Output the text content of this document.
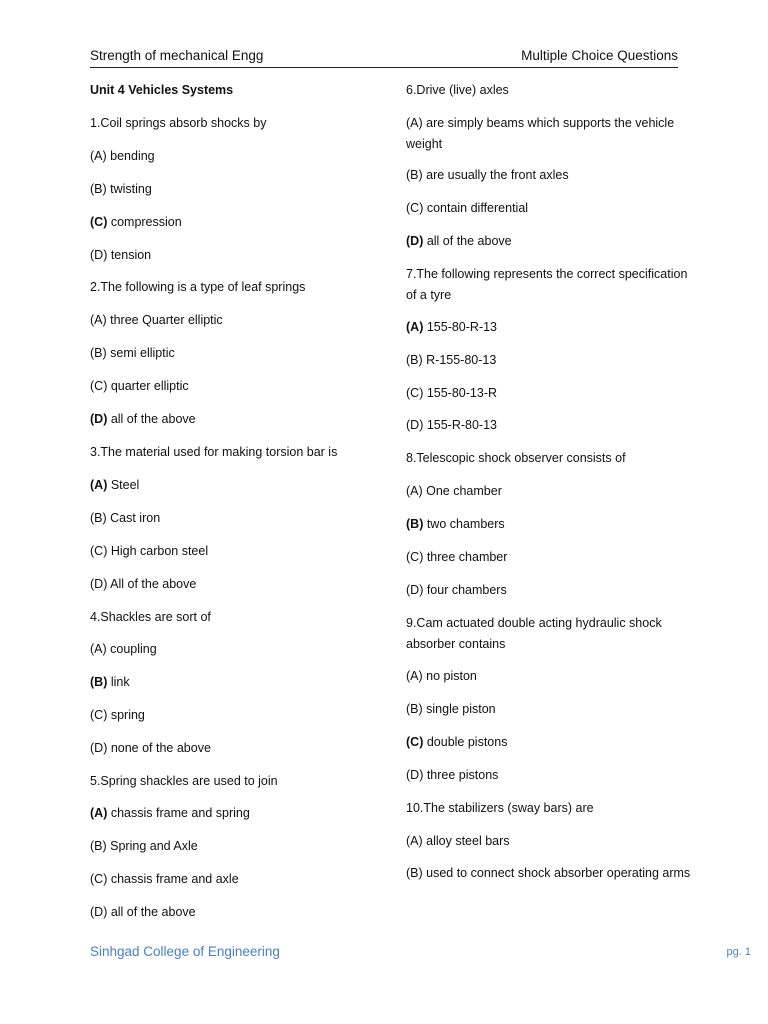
Strength of mechanical Engg	Multiple Choice Questions
Unit 4 Vehicles Systems
1.Coil springs absorb shocks by
(A) bending
(B) twisting
(C) compression
(D) tension
2.The following is a type of leaf springs
(A) three Quarter elliptic
(B) semi elliptic
(C) quarter elliptic
(D) all of the above
3.The material used for making torsion bar is
(A) Steel
(B) Cast iron
(C) High carbon steel
(D) All of the above
4.Shackles are sort of
(A) coupling
(B) link
(C) spring
(D) none of the above
5.Spring shackles are used to join
(A) chassis frame and spring
(B) Spring and Axle
(C) chassis frame and axle
(D) all of the above
6.Drive (live) axles
(A) are simply beams which supports the vehicle weight
(B) are usually the front axles
(C) contain differential
(D) all of the above
7.The following represents the correct specification of a tyre
(A) 155-80-R-13
(B) R-155-80-13
(C) 155-80-13-R
(D) 155-R-80-13
8.Telescopic shock observer consists of
(A) One chamber
(B) two chambers
(C) three chamber
(D) four chambers
9.Cam actuated double acting hydraulic shock absorber contains
(A) no piston
(B) single piston
(C) double pistons
(D) three pistons
10.The stabilizers (sway bars) are
(A) alloy steel bars
(B) used to connect shock absorber operating arms
Sinhgad College of Engineering	pg. 1
